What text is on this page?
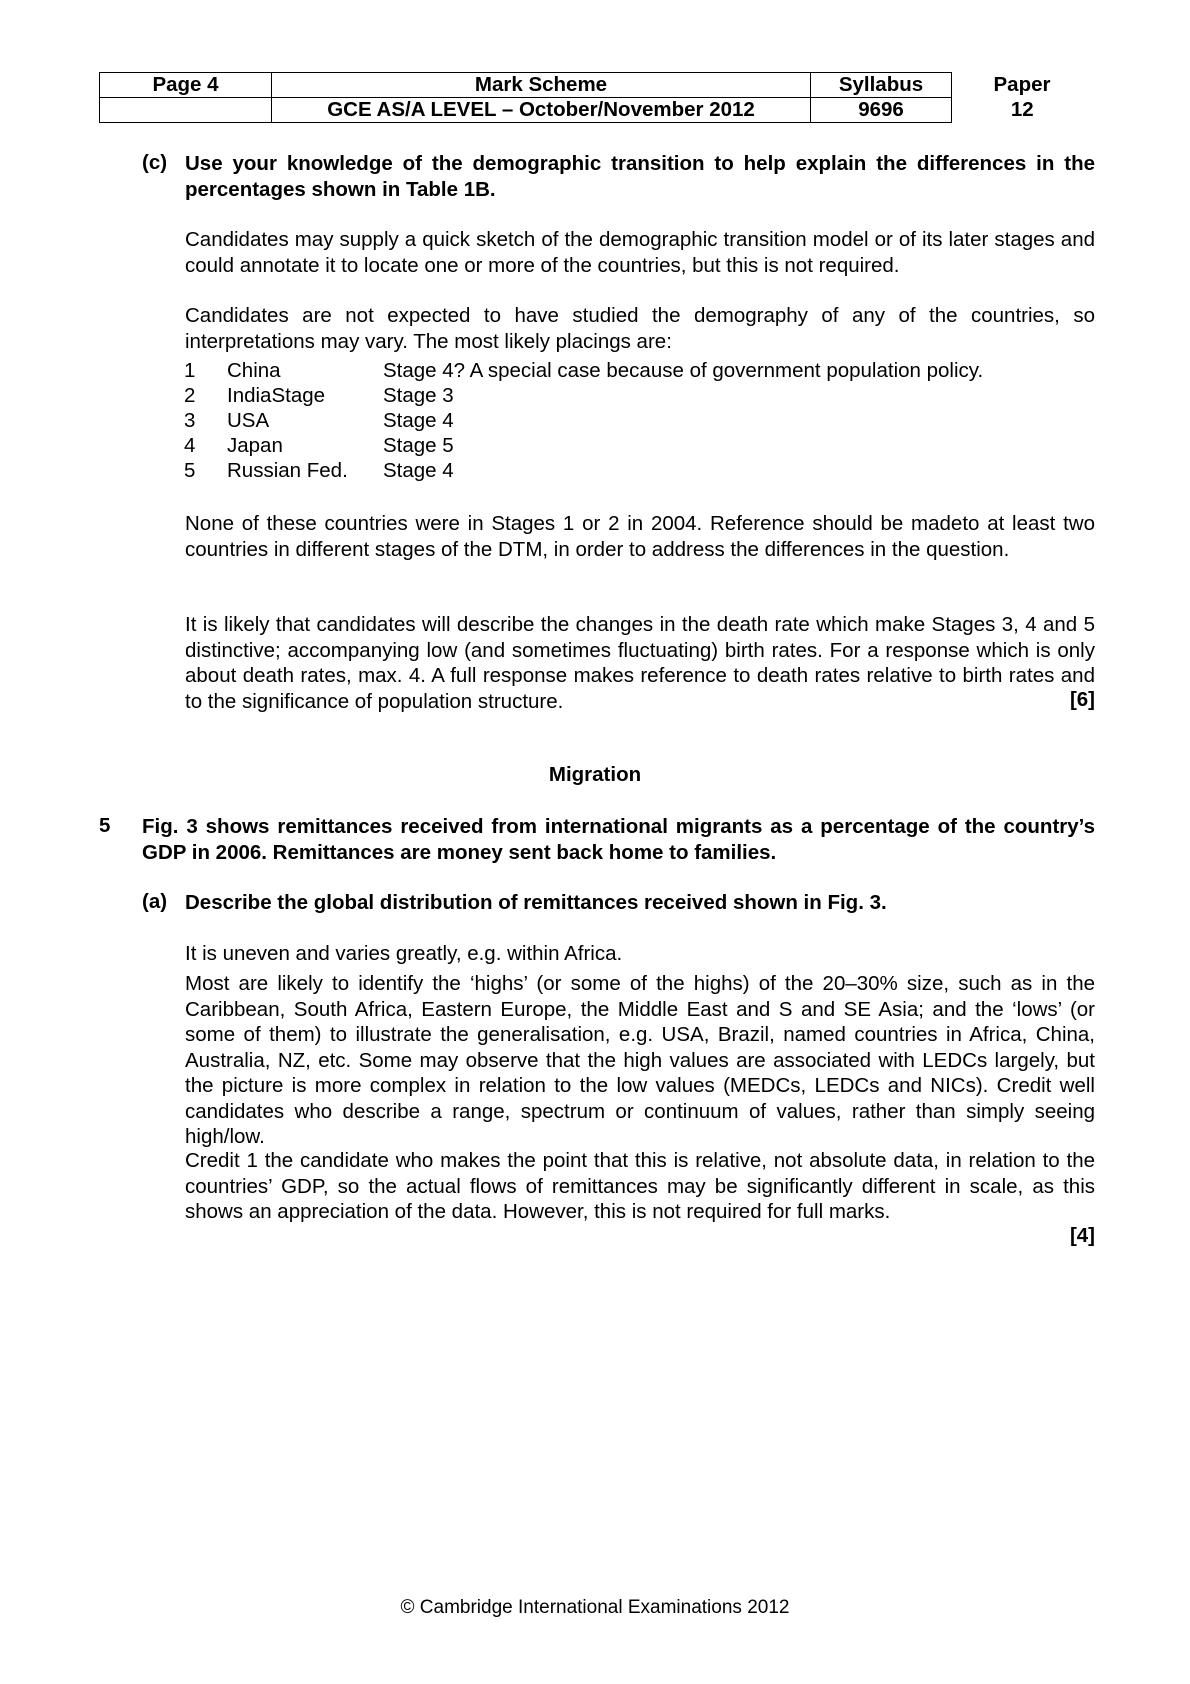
Page 4	Mark Scheme	Syllabus	Paper
	GCE AS/A LEVEL – October/November 2012	9696	12
(c) Use your knowledge of the demographic transition to help explain the differences in the percentages shown in Table 1B.
Candidates may supply a quick sketch of the demographic transition model or of its later stages and could annotate it to locate one or more of the countries, but this is not required.
Candidates are not expected to have studied the demography of any of the countries, so interpretations may vary. The most likely placings are:
1 China	Stage 4? A special case because of government population policy.
2 IndiaStage	Stage 3
3 USA	Stage 4
4 Japan	Stage 5
5 Russian Fed. Stage 4
None of these countries were in Stages 1 or 2 in 2004. Reference should be madeto at least two countries in different stages of the DTM, in order to address the differences in the question.
It is likely that candidates will describe the changes in the death rate which make Stages 3, 4 and 5 distinctive; accompanying low (and sometimes fluctuating) birth rates. For a response which is only about death rates, max. 4. A full response makes reference to death rates relative to birth rates and to the significance of population structure.	[6]
Migration
5 Fig. 3 shows remittances received from international migrants as a percentage of the country’s GDP in 2006. Remittances are money sent back home to families.
(a) Describe the global distribution of remittances received shown in Fig. 3.
It is uneven and varies greatly, e.g. within Africa.
Most are likely to identify the ‘highs’ (or some of the highs) of the 20–30% size, such as in the Caribbean, South Africa, Eastern Europe, the Middle East and S and SE Asia; and the ‘lows’ (or some of them) to illustrate the generalisation, e.g. USA, Brazil, named countries in Africa, China, Australia, NZ, etc. Some may observe that the high values are associated with LEDCs largely, but the picture is more complex in relation to the low values (MEDCs, LEDCs and NICs). Credit well candidates who describe a range, spectrum or continuum of values, rather than simply seeing high/low.
Credit 1 the candidate who makes the point that this is relative, not absolute data, in relation to the countries’ GDP, so the actual flows of remittances may be significantly different in scale, as this shows an appreciation of the data. However, this is not required for full marks.
[4]
© Cambridge International Examinations 2012
